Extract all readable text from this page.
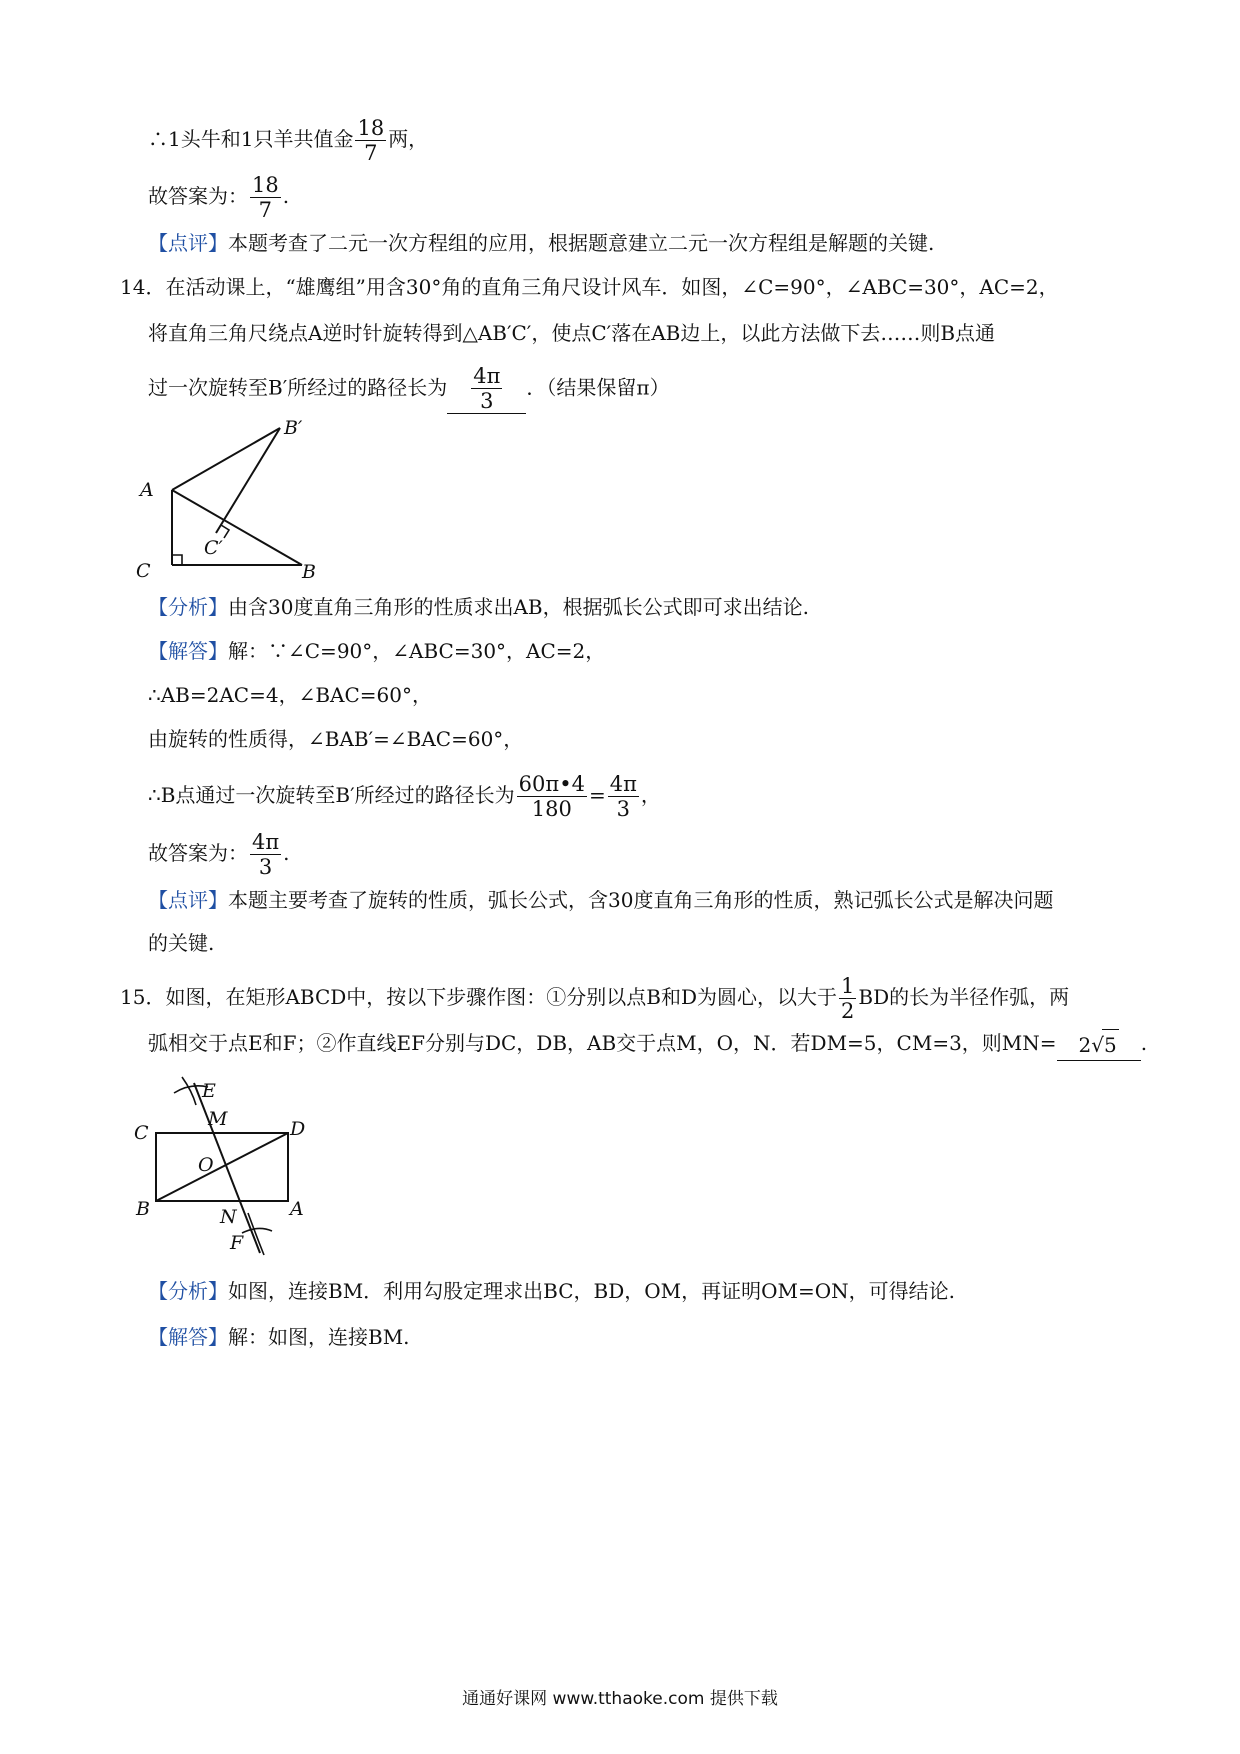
∴1头牛和1只羊共值金 $\frac{18}{7}$ 两，
故答案为： $\frac{18}{7}$ .
【点评】本题考查了二元一次方程组的应用，根据题意建立二元一次方程组是解题的关键.
14．在活动课上，“雄鹰组”用含30°角的直角三角尺设计风车．如图，∠C=90°，∠ABC=30°，AC=2，
将直角三角尺绕点A逆时针旋转得到△AB′C′，使点C′落在AB边上，以此方法做下去……则B点通
过一次旋转至B′所经过的路径长为 $\frac{4\pi}{3}$ ．（结果保留π）
A
C	B
B′
C′
【分析】由含30度直角三角形的性质求出AB，根据弧长公式即可求出结论.
【解答】解：∵∠C=90°，∠ABC=30°，AC=2，
∴AB=2AC=4，∠BAC=60°，
由旋转的性质得，∠BAB′=∠BAC=60°，
∴B点通过一次旋转至B′所经过的路径长为 $\frac{60\pi•4}{180} = \frac{4\pi}{3}$ ，
故答案为： $\frac{4\pi}{3}$ .
【点评】本题主要考查了旋转的性质，弧长公式，含30度直角三角形的性质，熟记弧长公式是解决问题
的关键.
15．如图，在矩形ABCD中，按以下步骤作图：①分别以点B和D为圆心，以大于 $\frac{1}{2}$ BD的长为半径作弧，两
弧相交于点E和F；②作直线EF分别与DC，DB，AB交于点M，O，N．若DM=5，CM=3，则MN= 2√5 .
E
M
C	D
O
B	A
N
F
【分析】如图，连接BM．利用勾股定理求出BC，BD，OM，再证明OM=ON，可得结论.
【解答】解：如图，连接BM.
通通好课网 www.tthaoke.com 提供下载
